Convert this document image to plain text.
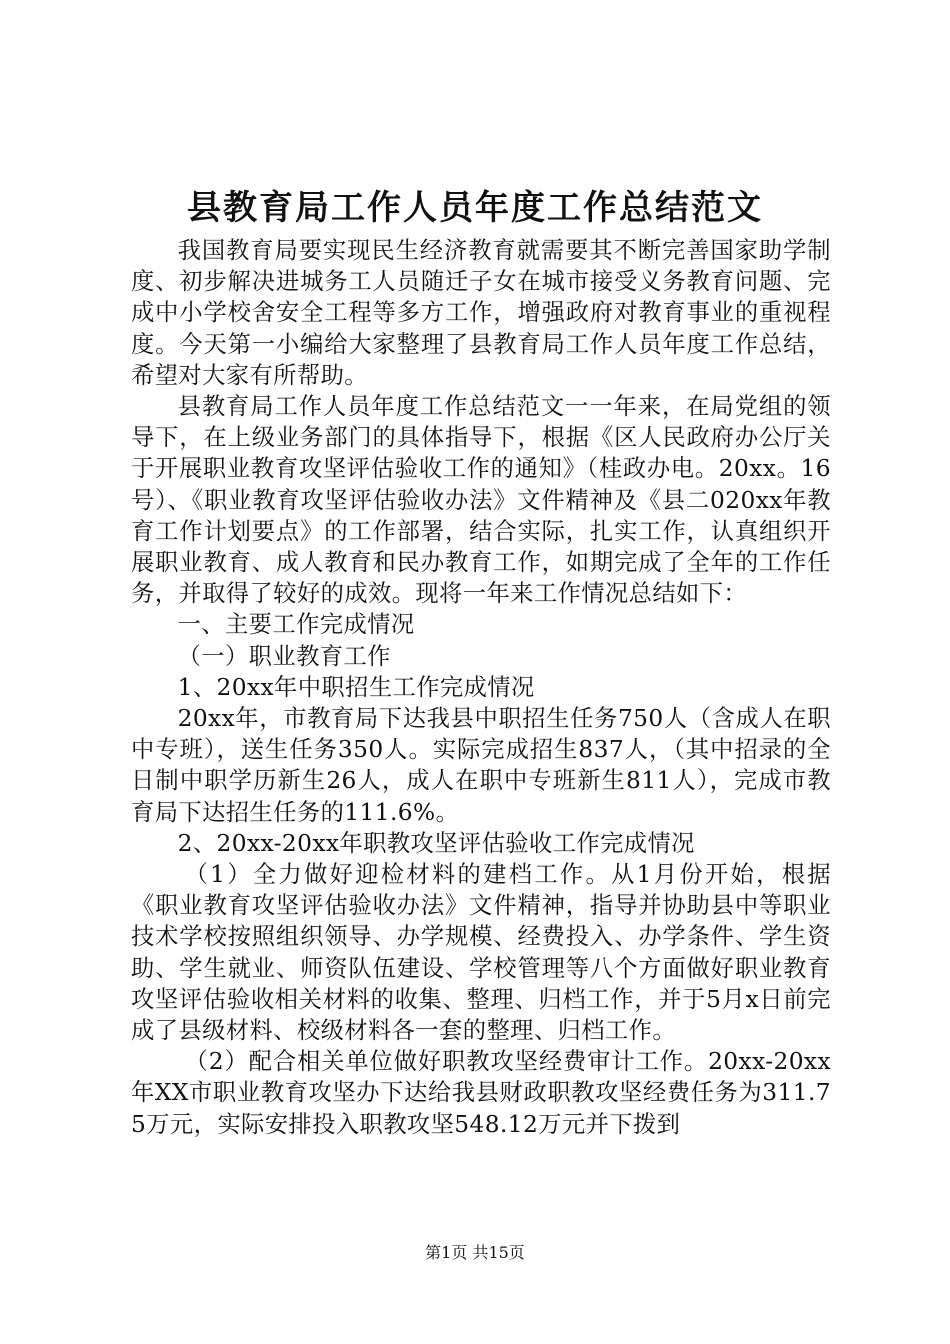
县教育局工作人员年度工作总结范文

我国教育局要实现民生经济教育就需要其不断完善国家助学制度、初步解决进城务工人员随迁子女在城市接受义务教育问题、完成中小学校舍安全工程等多方工作，增强政府对教育事业的重视程度。今天第一小编给大家整理了县教育局工作人员年度工作总结，希望对大家有所帮助。

县教育局工作人员年度工作总结范文一一年来，在局党组的领导下，在上级业务部门的具体指导下，根据《区人民政府办公厅关于开展职业教育攻坚评估验收工作的通知》（桂政办电。20xx。16号）、《职业教育攻坚评估验收办法》文件精神及《县二020xx年教育工作计划要点》的工作部署，结合实际，扎实工作，认真组织开展职业教育、成人教育和民办教育工作，如期完成了全年的工作任务，并取得了较好的成效。现将一年来工作情况总结如下：

一、主要工作完成情况

（一）职业教育工作

1、20xx年中职招生工作完成情况

20xx年，市教育局下达我县中职招生任务750人（含成人在职中专班），送生任务350人。实际完成招生837人，（其中招录的全日制中职学历新生26人，成人在职中专班新生811人），完成市教育局下达招生任务的111.6%。

2、20xx-20xx年职教攻坚评估验收工作完成情况

（1）全力做好迎检材料的建档工作。从1月份开始，根据《职业教育攻坚评估验收办法》文件精神，指导并协助县中等职业技术学校按照组织领导、办学规模、经费投入、办学条件、学生资助、学生就业、师资队伍建设、学校管理等八个方面做好职业教育攻坚评估验收相关材料的收集、整理、归档工作，并于5月x日前完成了县级材料、校级材料各一套的整理、归档工作。

（2）配合相关单位做好职教攻坚经费审计工作。20xx-20xx年XX市职业教育攻坚办下达给我县财政职教攻坚经费任务为311.75万元，实际安排投入职教攻坚548.12万元并下拨到

第1页 共15页
